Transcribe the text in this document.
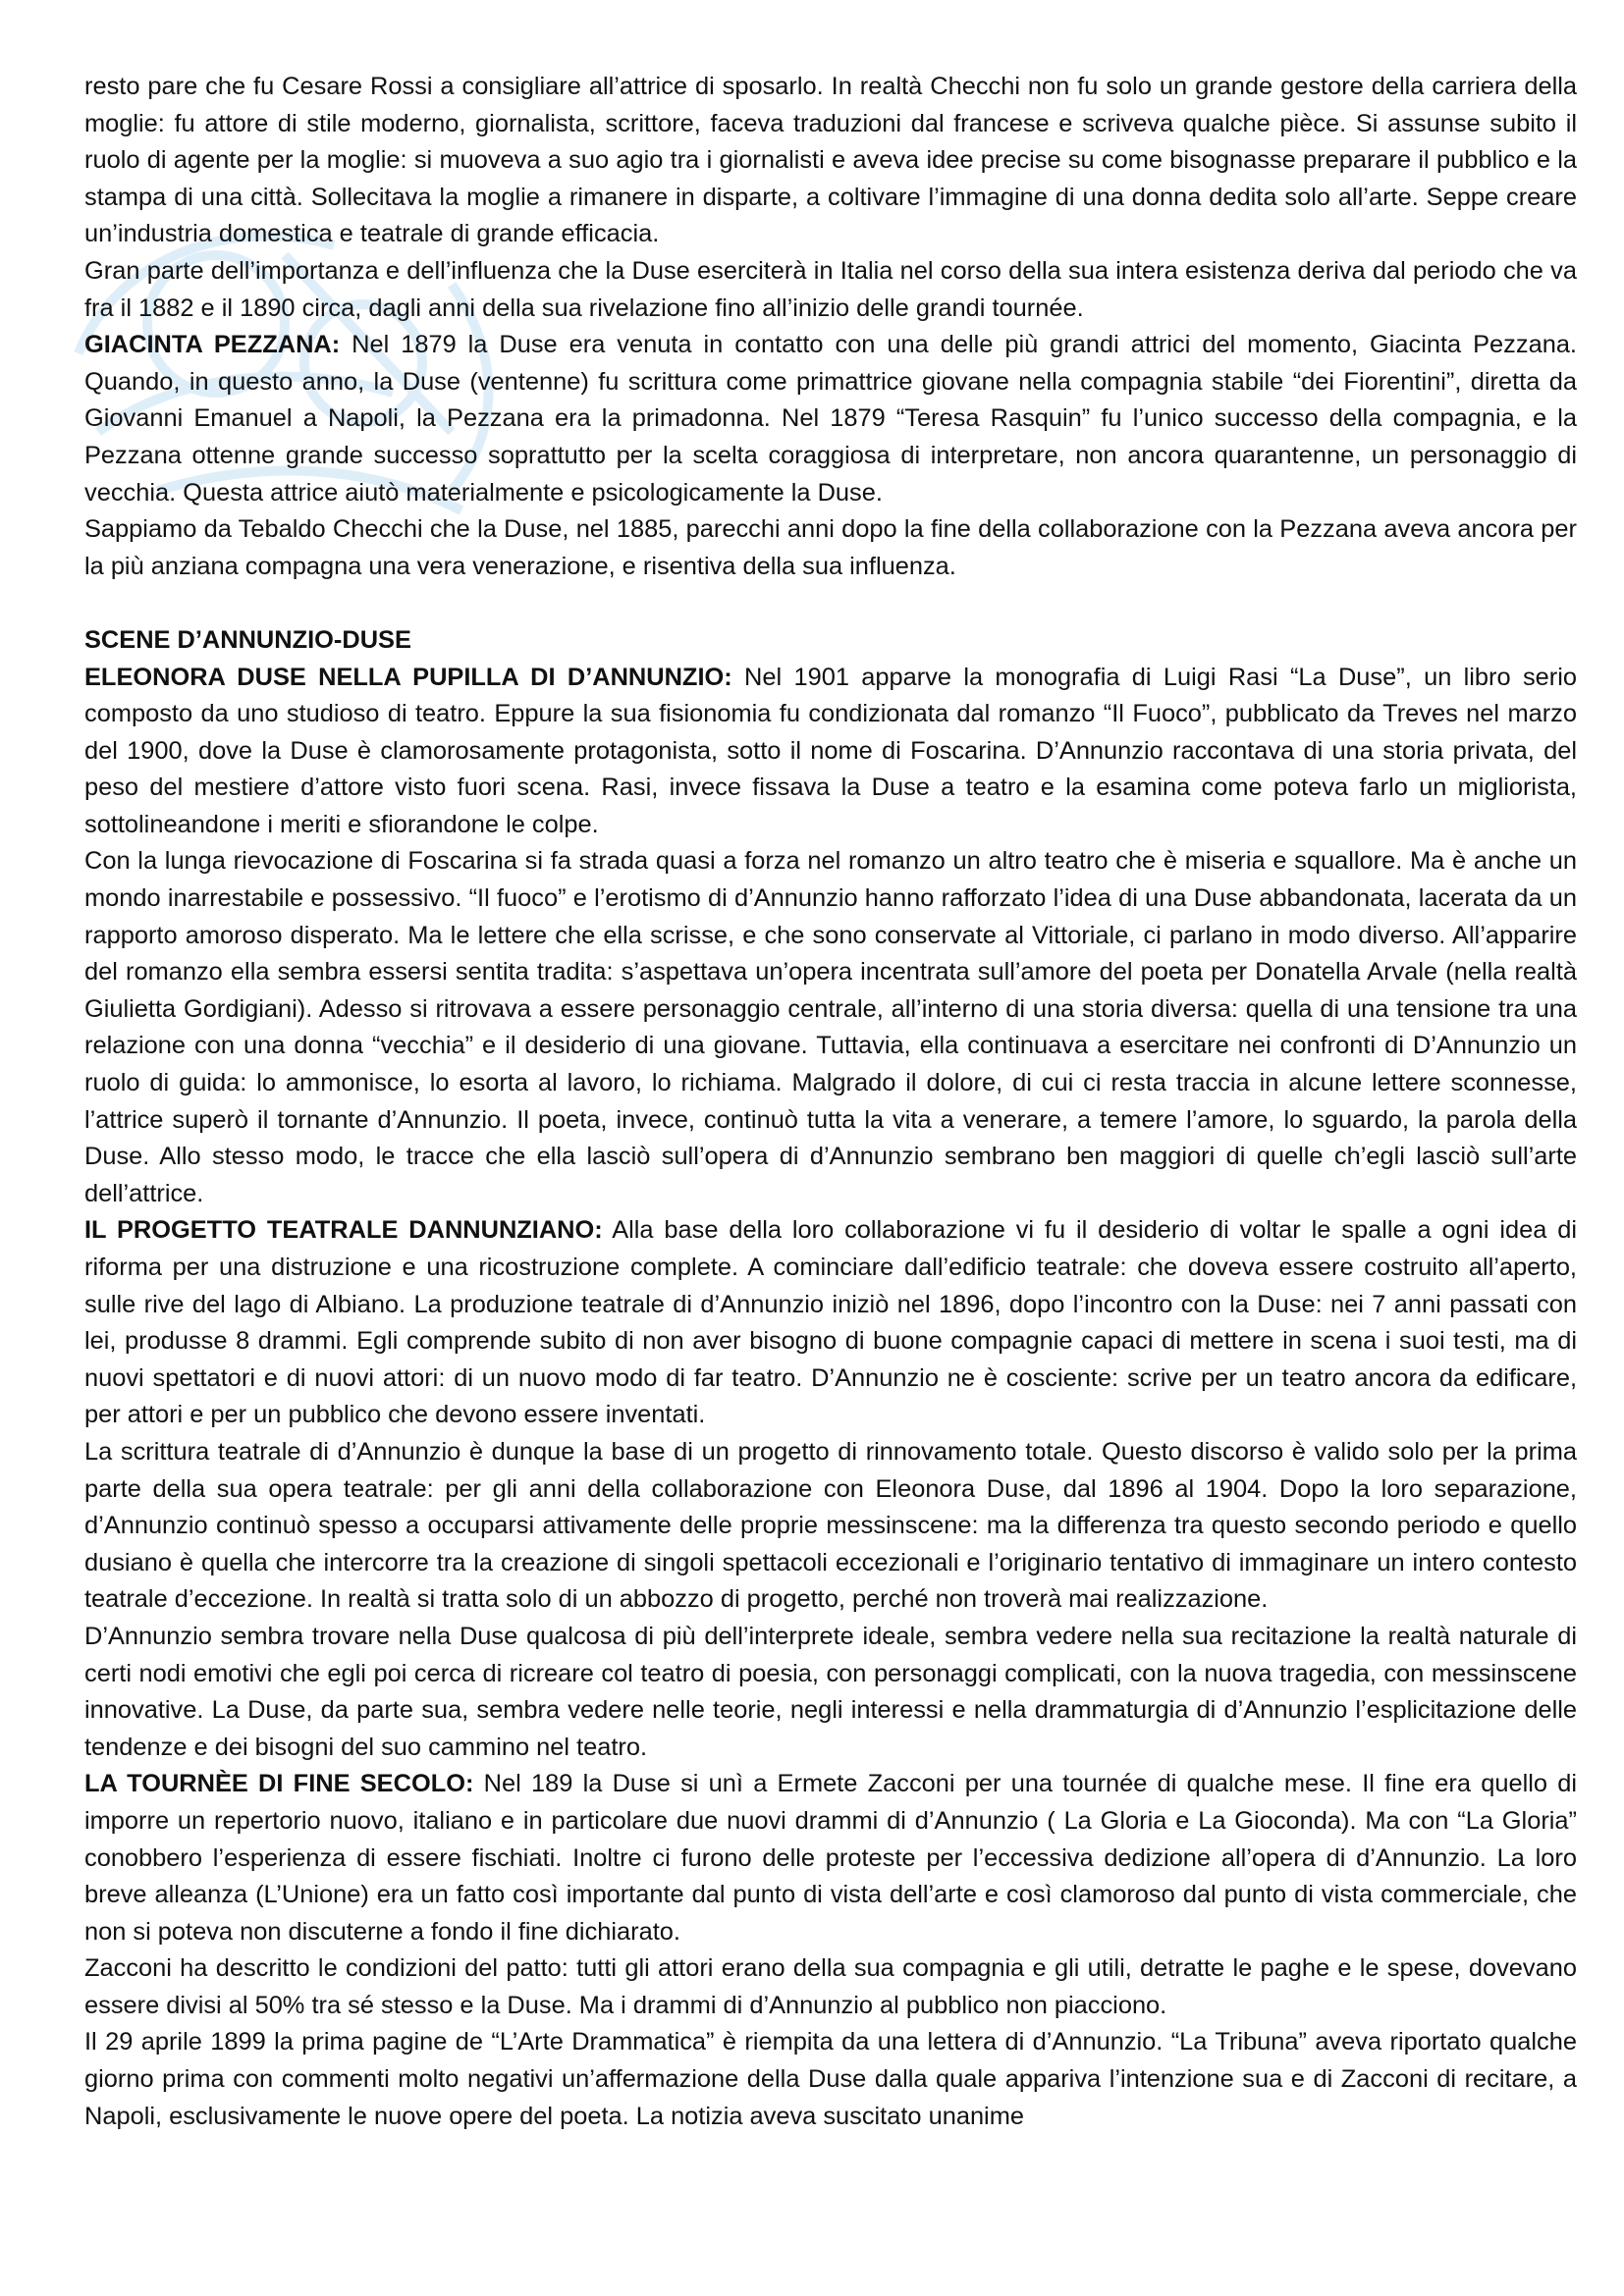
resto pare che fu Cesare Rossi a consigliare all’attrice di sposarlo. In realtà Checchi non fu solo un grande gestore della carriera della moglie: fu attore di stile moderno, giornalista, scrittore, faceva traduzioni dal francese e scriveva qualche pièce. Si assunse subito il ruolo di agente per la moglie: si muoveva a suo agio tra i giornalisti e aveva idee precise su come bisognasse preparare il pubblico e la stampa di una città. Sollecitava la moglie a rimanere in disparte, a coltivare l’immagine di una donna dedita solo all’arte. Seppe creare un’industria domestica e teatrale di grande efficacia.

Gran parte dell’importanza e dell’influenza che la Duse eserciterà in Italia nel corso della sua intera esistenza deriva dal periodo che va fra il 1882 e il 1890 circa, dagli anni della sua rivelazione fino all’inizio delle grandi tournée.

GIACINTA PEZZANA: Nel 1879 la Duse era venuta in contatto con una delle più grandi attrici del momento, Giacinta Pezzana. Quando, in questo anno, la Duse (ventenne) fu scrittura come primattrice giovane nella compagnia stabile “dei Fiorentini”, diretta da Giovanni Emanuel a Napoli, la Pezzana era la primadonna. Nel 1879 “Teresa Rasquin” fu l’unico successo della compagnia, e la Pezzana ottenne grande successo soprattutto per la scelta coraggiosa di interpretare, non ancora quarantenne, un personaggio di vecchia. Questa attrice aiutò materialmente e psicologicamente la Duse.

Sappiamo da Tebaldo Checchi che la Duse, nel 1885, parecchi anni dopo la fine della collaborazione con la Pezzana aveva ancora per la più anziana compagna una vera venerazione, e risentiva della sua influenza.

SCENE D’ANNUNZIO-DUSE

ELEONORA DUSE NELLA PUPILLA DI D’ANNUNZIO: Nel 1901 apparve la monografia di Luigi Rasi “La Duse”, un libro serio composto da uno studioso di teatro. Eppure la sua fisionomia fu condizionata dal romanzo “Il Fuoco”, pubblicato da Treves nel marzo del 1900, dove la Duse è clamorosamente protagonista, sotto il nome di Foscarina. D’Annunzio raccontava di una storia privata, del peso del mestiere d’attore visto fuori scena. Rasi, invece fissava la Duse a teatro e la esamina come poteva farlo un miglioristа, sottolineandone i meriti e sfiorandone le colpe.

Con la lunga rievocazione di Foscarina si fa strada quasi a forza nel romanzo un altro teatro che è miseria e squallore. Ma è anche un mondo inarrestabile e possessivo. “Il fuoco” e l’erotismo di d’Annunzio hanno rafforzato l’idea di una Duse abbandonata, lacerata da un rapporto amoroso disperato. Ma le lettere che ella scrisse, e che sono conservate al Vittoriale, ci parlano in modo diverso. All’apparire del romanzo ella sembra essersi sentita tradita: s’aspettava un’opera incentrata sull’amore del poeta per Donatella Arvale (nella realtà Giulietta Gordigiani). Adesso si ritrovava a essere personaggio centrale, all’interno di una storia diversa: quella di una tensione tra una relazione con una donna “vecchia” e il desiderio di una giovane. Tuttavia, ella continuava a esercitare nei confronti di D’Annunzio un ruolo di guida: lo ammonisce, lo esorta al lavoro, lo richiama. Malgrado il dolore, di cui ci resta traccia in alcune lettere sconnesse, l’attrice superò il tornante d’Annunzio. Il poeta, invece, continuò tutta la vita a venerare, a temere l’amore, lo sguardo, la parola della Duse. Allo stesso modo, le tracce che ella lasciò sull’opera di d’Annunzio sembrano ben maggiori di quelle ch’egli lasciò sull’arte dell’attrice.

IL PROGETTO TEATRALE DANNUNZIANO: Alla base della loro collaborazione vi fu il desiderio di voltar le spalle a ogni idea di riforma per una distruzione e una ricostruzione complete. A cominciare dall’edificio teatrale: che doveva essere costruito all’aperto, sulle rive del lago di Albiano. La produzione teatrale di d’Annunzio iniziò nel 1896, dopo l’incontro con la Duse: nei 7 anni passati con lei, produsse 8 drammi. Egli comprende subito di non aver bisogno di buone compagnie capaci di mettere in scena i suoi testi, ma di nuovi spettatori e di nuovi attori: di un nuovo modo di far teatro. D’Annunzio ne è cosciente: scrive per un teatro ancora da edificare, per attori e per un pubblico che devono essere inventati.

La scrittura teatrale di d’Annunzio è dunque la base di un progetto di rinnovamento totale. Questo discorso è valido solo per la prima parte della sua opera teatrale: per gli anni della collaborazione con Eleonora Duse, dal 1896 al 1904. Dopo la loro separazione, d’Annunzio continuò spesso a occuparsi attivamente delle proprie messinscene: ma la differenza tra questo secondo periodo e quello dusiano è quella che intercorre tra la creazione di singoli spettacoli eccezionali e l’originario tentativo di immaginare un intero contesto teatrale d’eccezione. In realtà si tratta solo di un abbozzo di progetto, perché non troverà mai realizzazione.

D’Annunzio sembra trovare nella Duse qualcosa di più dell’interprete ideale, sembra vedere nella sua recitazione la realtà naturale di certi nodi emotivi che egli poi cerca di ricreare col teatro di poesia, con personaggi complicati, con la nuova tragedia, con messinscene innovative. La Duse, da parte sua, sembra vedere nelle teorie, negli interessi e nella drammaturgia di d’Annunzio l’esplicitazione delle tendenze e dei bisogni del suo cammino nel teatro.

LA TOURNÈE DI FINE SECOLO: Nel 189 la Duse si unì a Ermete Zacconi per una tournée di qualche mese. Il fine era quello di imporre un repertorio nuovo, italiano e in particolare due nuovi drammi di d’Annunzio ( La Gloria e La Gioconda). Ma con “La Gloria” conobbero l’esperienza di essere fischiati. Inoltre ci furono delle proteste per l’eccessiva dedizione all’opera di d’Annunzio. La loro breve alleanza (L’Unione) era un fatto così importante dal punto di vista dell’arte e così clamoroso dal punto di vista commerciale, che non si poteva non discuterne a fondo il fine dichiarato.

Zacconi ha descritto le condizioni del patto: tutti gli attori erano della sua compagnia e gli utili, detratte le paghe e le spese, dovevano essere divisi al 50% tra sé stesso e la Duse. Ma i drammi di d’Annunzio al pubblico non piacciono.

Il 29 aprile 1899 la prima pagine de “L’Arte Drammatica” è riempita da una lettera di d’Annunzio. “La Tribuna” aveva riportato qualche giorno prima con commenti molto negativi un’affermazione della Duse dalla quale appariva l’intenzione sua e di Zacconi di recitare, a Napoli, esclusivamente le nuove opere del poeta. La notizia aveva suscitato unanime
